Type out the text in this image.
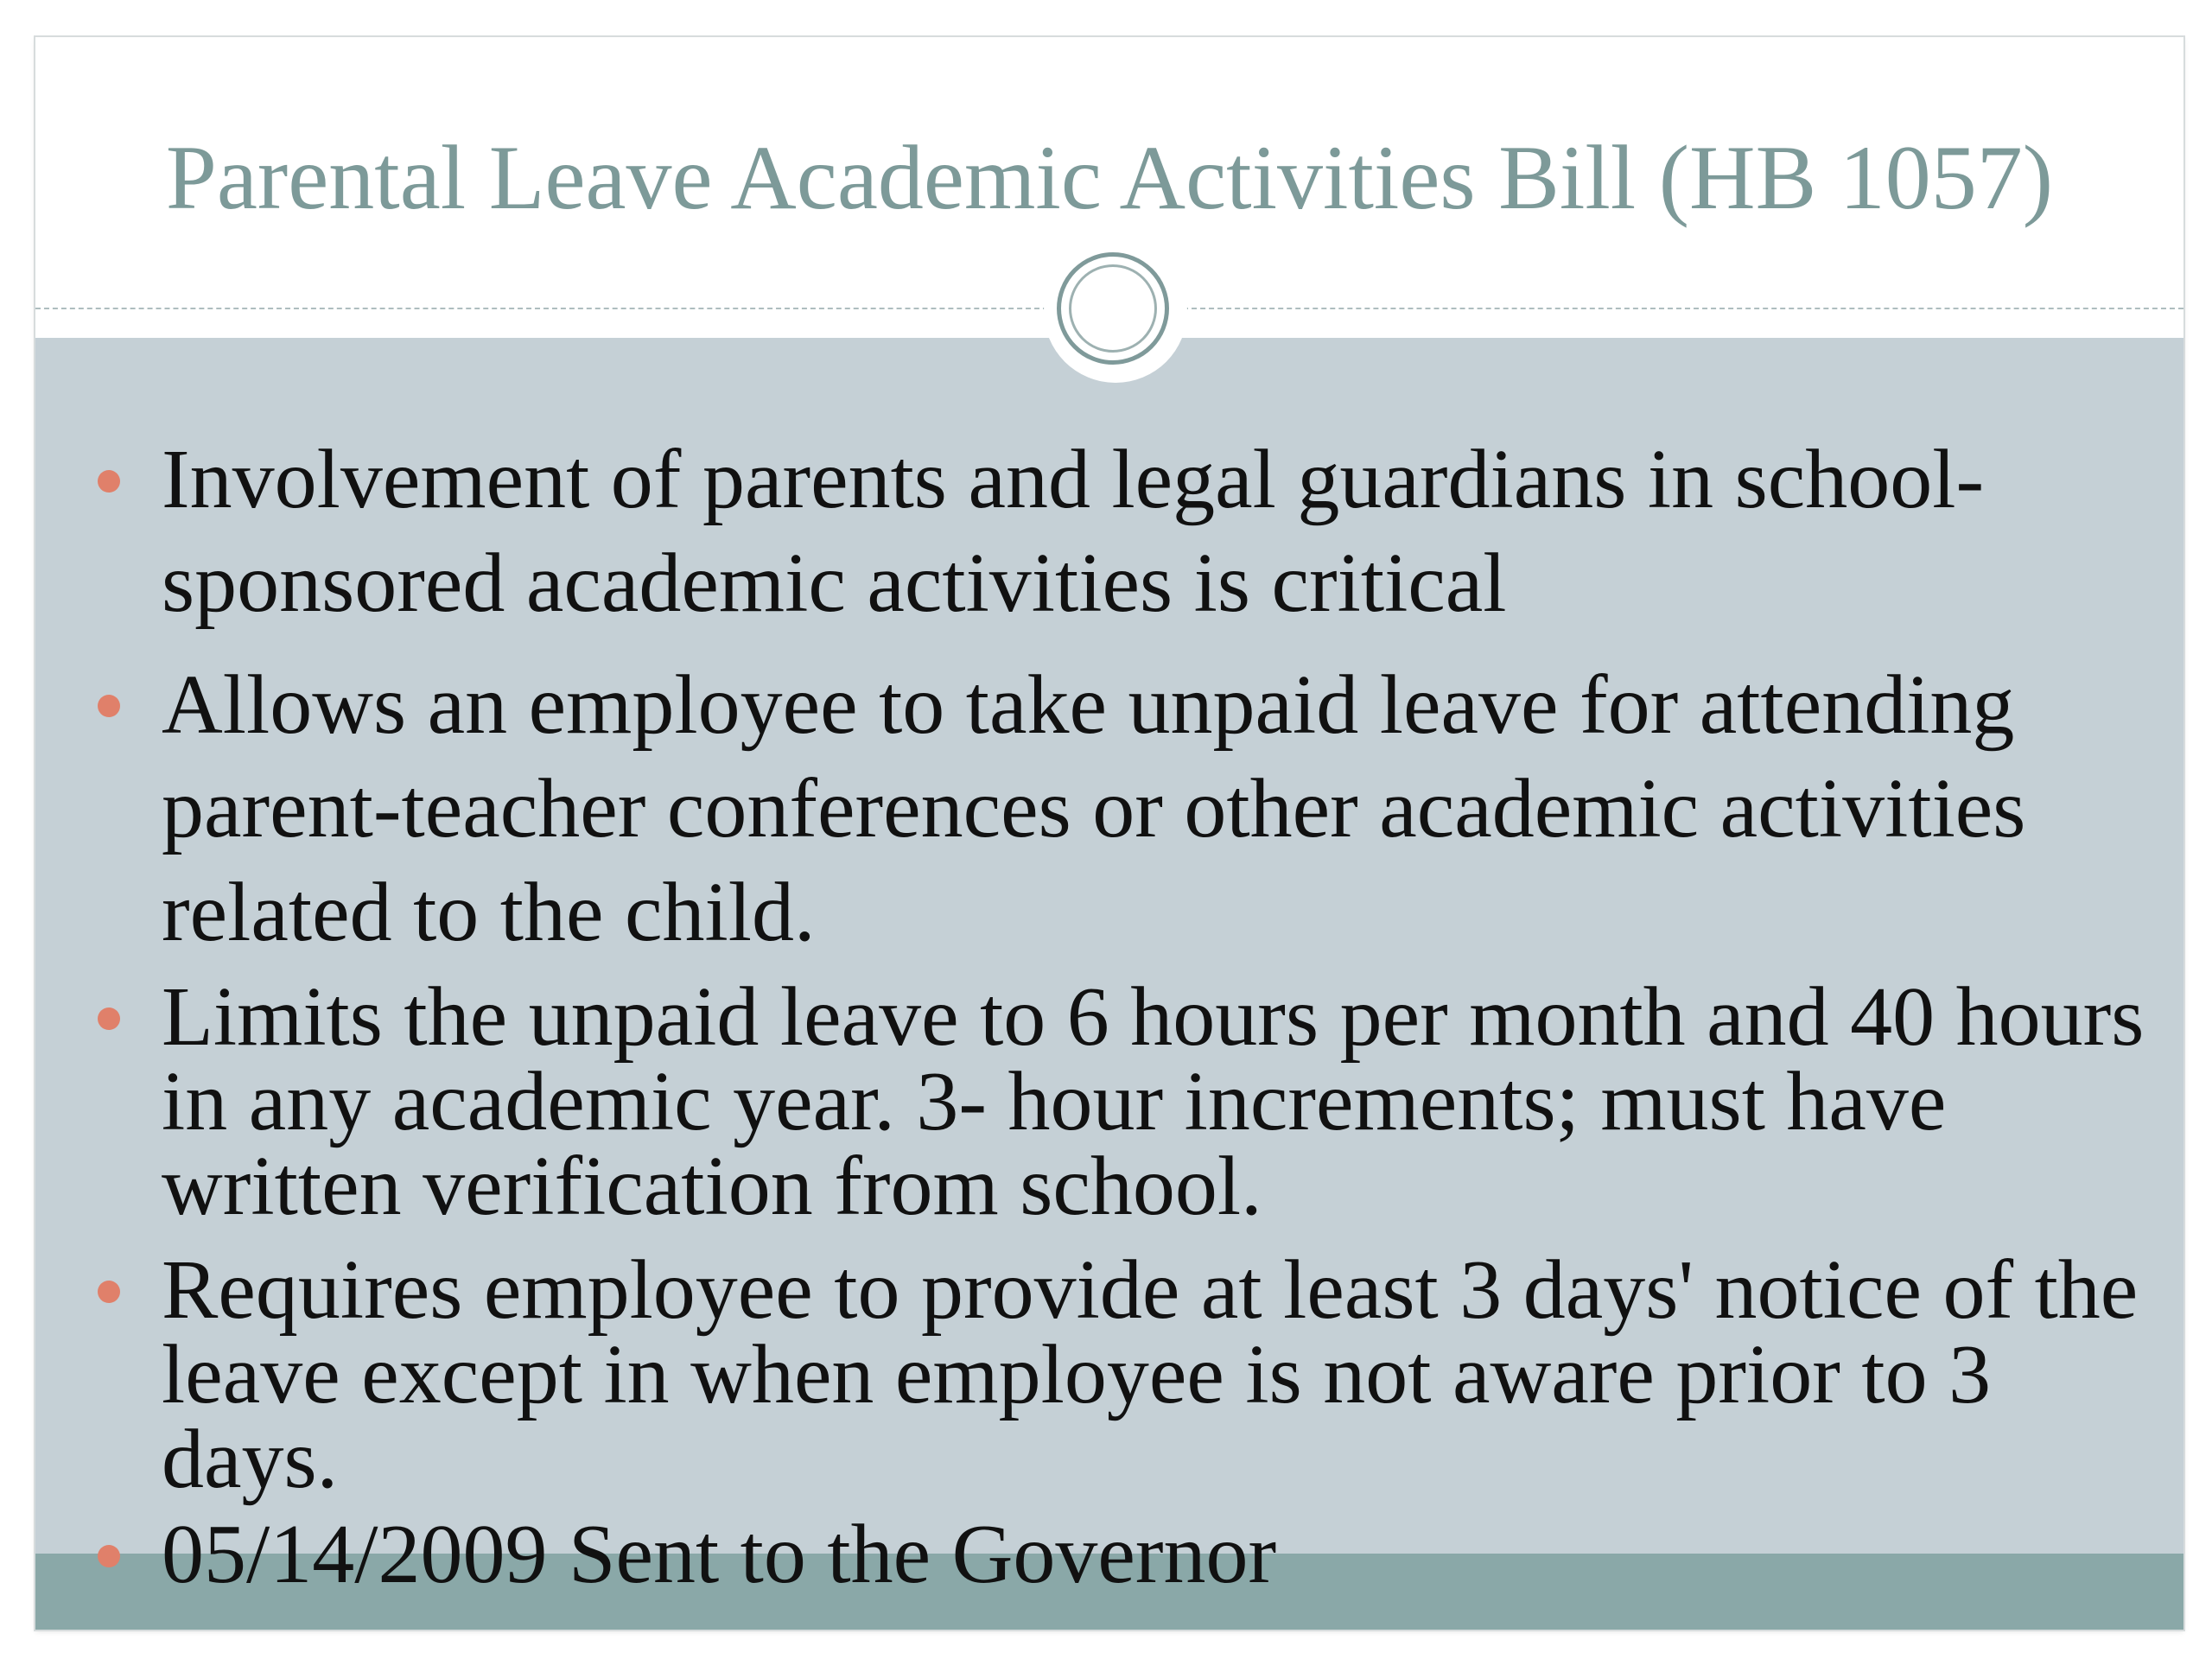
Parental Leave Academic Activities Bill (HB 1057)
Involvement of parents and legal guardians in school-sponsored academic activities is critical
Allows an employee to take unpaid leave for attending parent-teacher conferences or other academic activities related to the child.
Limits the unpaid leave to 6 hours per month and 40 hours in any academic year. 3- hour increments; must have written verification from school.
Requires employee to provide at least 3 days' notice of the leave except in when employee is not aware prior to 3 days.
05/14/2009 Sent to the Governor
